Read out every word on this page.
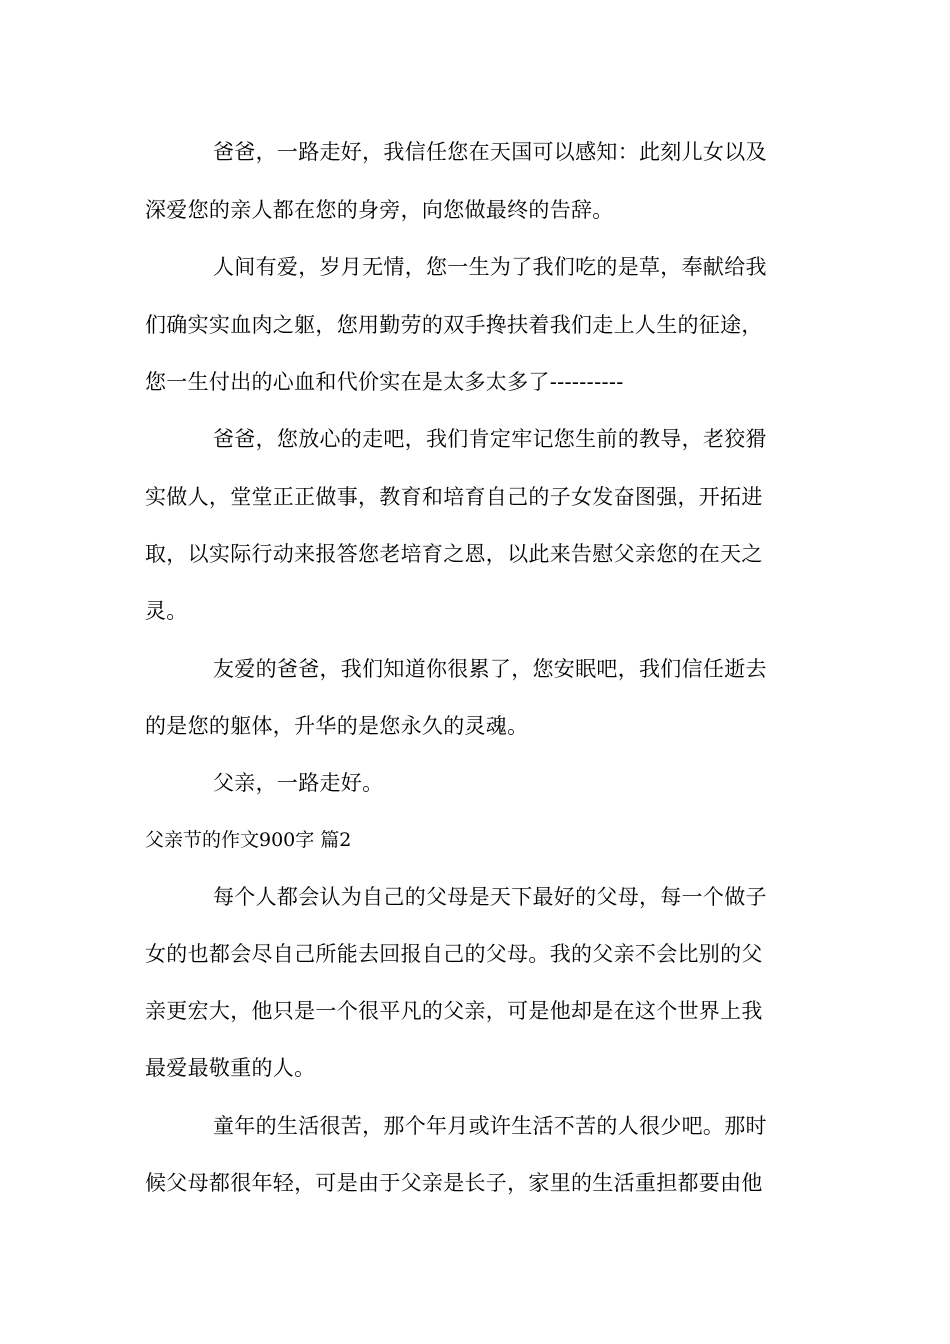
爸爸，一路走好，我信任您在天国可以感知：此刻儿女以及
深爱您的亲人都在您的身旁，向您做最终的告辞。
人间有爱，岁月无情，您一生为了我们吃的是草，奉献给我
们确实实血肉之躯，您用勤劳的双手搀扶着我们走上人生的征途，
您一生付出的心血和代价实在是太多太多了----------
爸爸，您放心的走吧，我们肯定牢记您生前的教导，老狡猾
实做人，堂堂正正做事，教育和培育自己的子女发奋图强，开拓进
取，以实际行动来报答您老培育之恩，以此来告慰父亲您的在天之
灵。
友爱的爸爸，我们知道你很累了，您安眠吧，我们信任逝去
的是您的躯体，升华的是您永久的灵魂。
父亲，一路走好。
父亲节的作文900字 篇2
每个人都会认为自己的父母是天下最好的父母，每一个做子
女的也都会尽自己所能去回报自己的父母。我的父亲不会比别的父
亲更宏大，他只是一个很平凡的父亲，可是他却是在这个世界上我
最爱最敬重的人。
童年的生活很苦，那个年月或许生活不苦的人很少吧。那时
候父母都很年轻，可是由于父亲是长子，家里的生活重担都要由他
